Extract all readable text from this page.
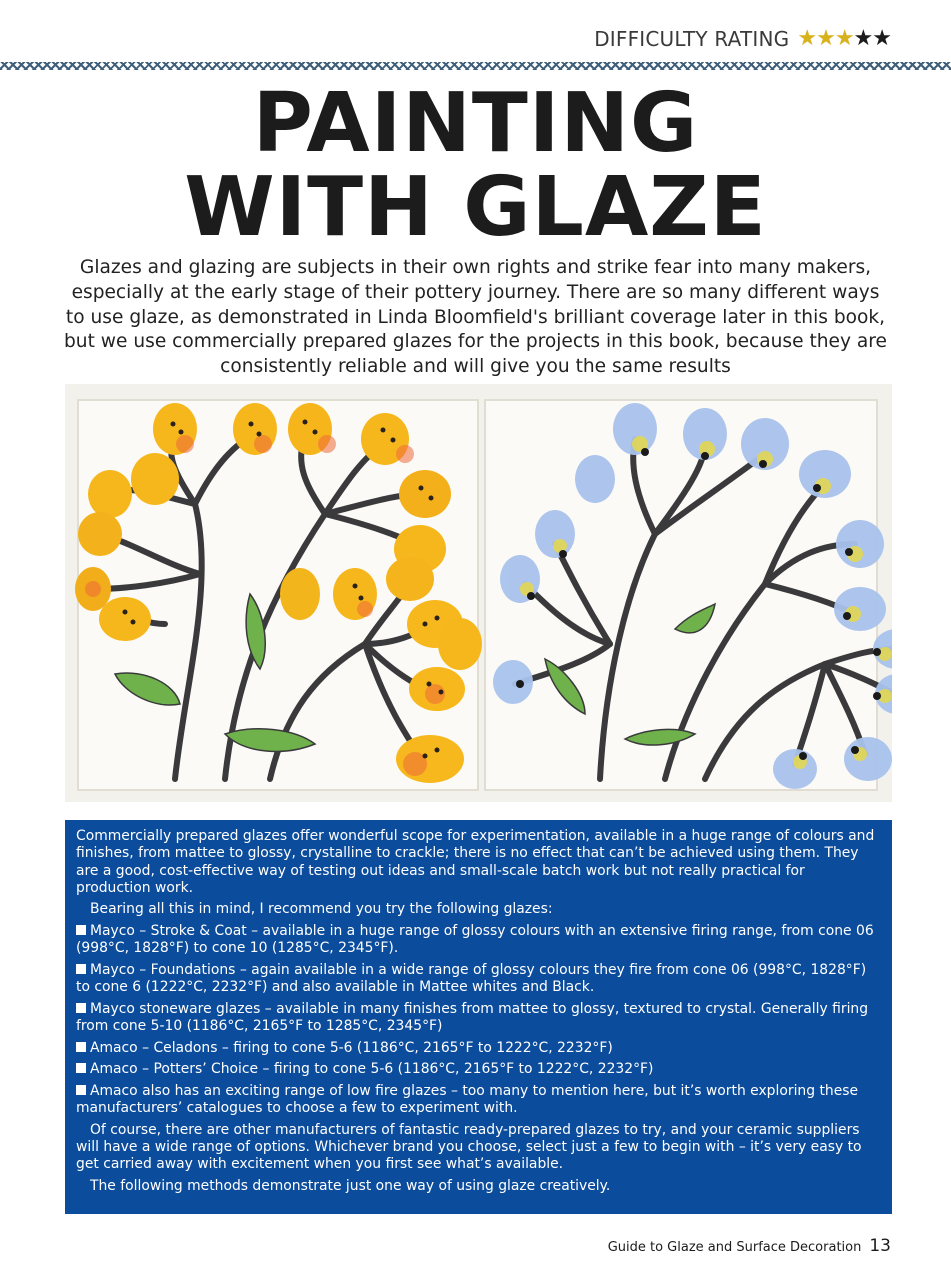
DIFFICULTY RATING ★★★★★
PAINTING
WITH GLAZE
Glazes and glazing are subjects in their own rights and strike fear into many makers, especially at the early stage of their pottery journey. There are so many different ways to use glaze, as demonstrated in Linda Bloomfield's brilliant coverage later in this book, but we use commercially prepared glazes for the projects in this book, because they are consistently reliable and will give you the same results

Commercially prepared glazes offer wonderful scope for experimentation, available in a huge range of colours and finishes, from mattee to glossy, crystalline to crackle; there is no effect that can’t be achieved using them. They are a good, cost-effective way of testing out ideas and small-scale batch work but not really practical for production work.

Bearing all this in mind, I recommend you try the following glazes:

Mayco – Stroke & Coat – available in a huge range of glossy colours with an extensive firing range, from cone 06 (998°C, 1828°F) to cone 10 (1285°C, 2345°F).

Mayco – Foundations – again available in a wide range of glossy colours they fire from cone 06 (998°C, 1828°F) to cone 6 (1222°C, 2232°F) and also available in Mattee whites and Black.

Mayco stoneware glazes – available in many finishes from mattee to glossy, textured to crystal. Generally firing from cone 5-10 (1186°C, 2165°F to 1285°C, 2345°F)

Amaco – Celadons – firing to cone 5-6 (1186°C, 2165°F to 1222°C, 2232°F)

Amaco – Potters’ Choice – firing to cone 5-6 (1186°C, 2165°F to 1222°C, 2232°F)

Amaco also has an exciting range of low fire glazes – too many to mention here, but it’s worth exploring these manufacturers’ catalogues to choose a few to experiment with.

Of course, there are other manufacturers of fantastic ready-prepared glazes to try, and your ceramic suppliers will have a wide range of options. Whichever brand you choose, select just a few to begin with – it’s very easy to get carried away with excitement when you first see what’s available.

The following methods demonstrate just one way of using glaze creatively.

Guide to Glaze and Surface Decoration 13
